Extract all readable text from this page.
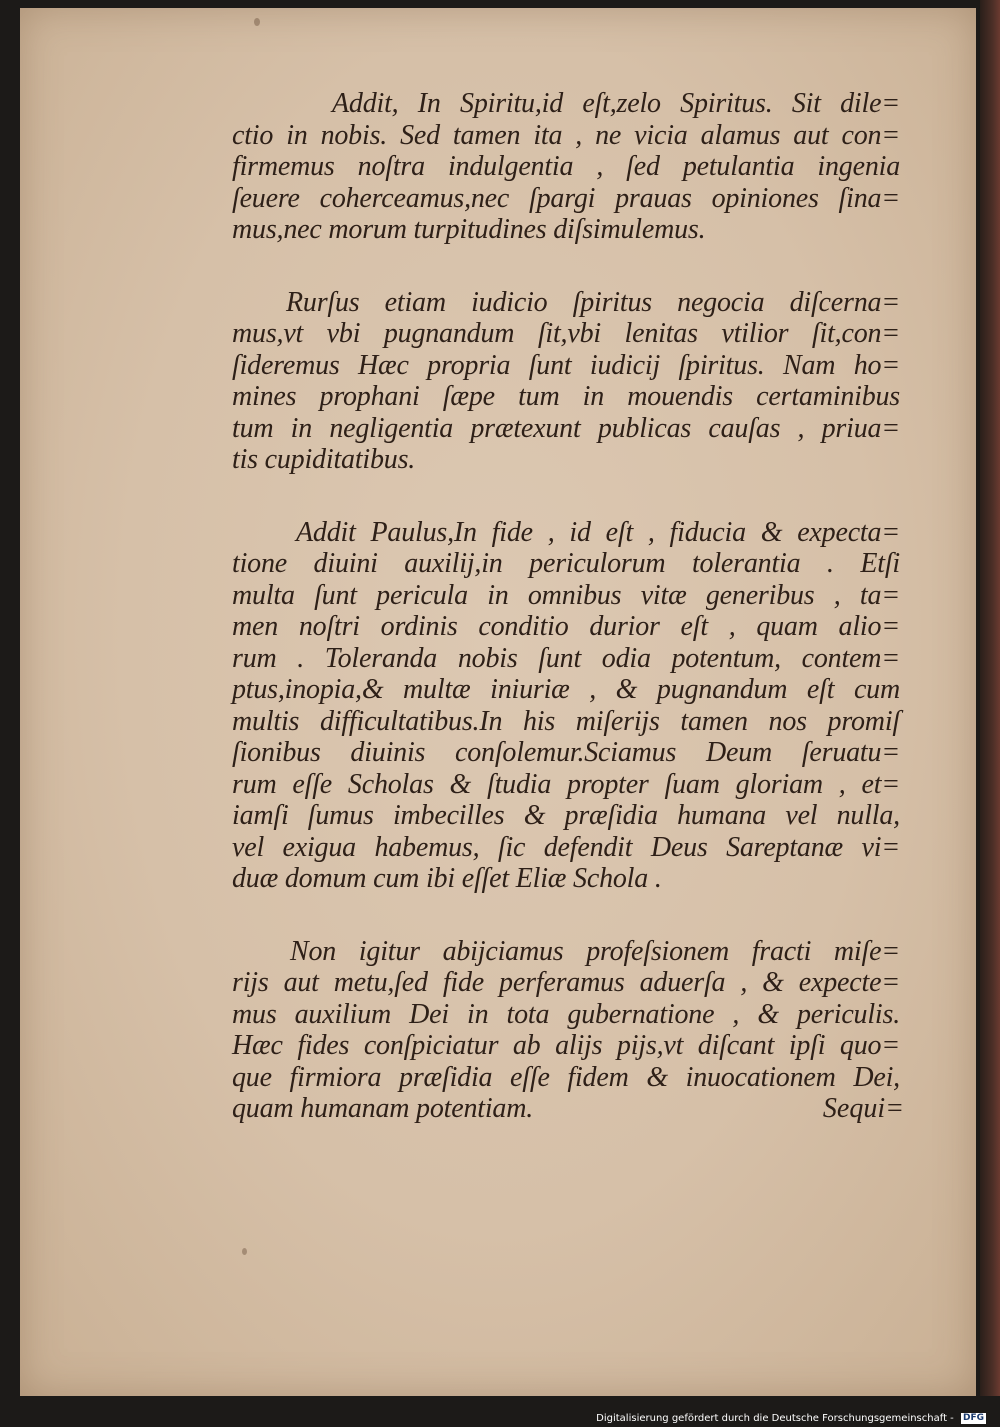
Addit, In Spiritu,id eſt,zelo Spiritus. Sit dile=
ctio in nobis. Sed tamen ita , ne vicia alamus aut con=
firmemus noſtra indulgentia , ſed petulantia ingenia
ſeuere coherceamus,nec ſpargi prauas opiniones ſina=
mus,nec morum turpitudines diſsimulemus.
Rurſus etiam iudicio ſpiritus negocia diſcerna=
mus,vt vbi pugnandum ſit,vbi lenitas vtilior ſit,con=
ſideremus Hæc propria ſunt iudicij ſpiritus. Nam ho=
mines prophani ſæpe tum in mouendis certaminibus
tum in negligentia prætexunt publicas cauſas , priua=
tis cupiditatibus.
Addit Paulus,In fide , id eſt , fiducia & expecta=
tione diuini auxilij,in periculorum tolerantia . Etſi
multa ſunt pericula in omnibus vitæ generibus , ta=
men noſtri ordinis conditio durior eſt , quam alio=
rum . Toleranda nobis ſunt odia potentum, contem=
ptus,inopia,& multæ iniuriæ , & pugnandum eſt cum
multis difficultatibus.In his miſerijs tamen nos promiſ
ſionibus diuinis conſolemur.Sciamus Deum ſeruatu=
rum eſſe Scholas & ſtudia propter ſuam gloriam , et=
iamſi ſumus imbecilles & præſidia humana vel nulla,
vel exigua habemus, ſic defendit Deus Sareptanæ vi=
duæ domum cum ibi eſſet Eliæ Schola .
Non igitur abijciamus profeſsionem fracti miſe=
rijs aut metu,ſed fide perferamus aduerſa , & expecte=
mus auxilium Dei in tota gubernatione , & periculis.
Hæc fides conſpiciatur ab alijs pijs,vt diſcant ipſi quo=
que firmiora præſidia eſſe fidem & inuocationem Dei,
quam humanam potentiam.	Sequi=
Digitalisierung gefördert durch die Deutsche Forschungsgemeinschaft - DFG
